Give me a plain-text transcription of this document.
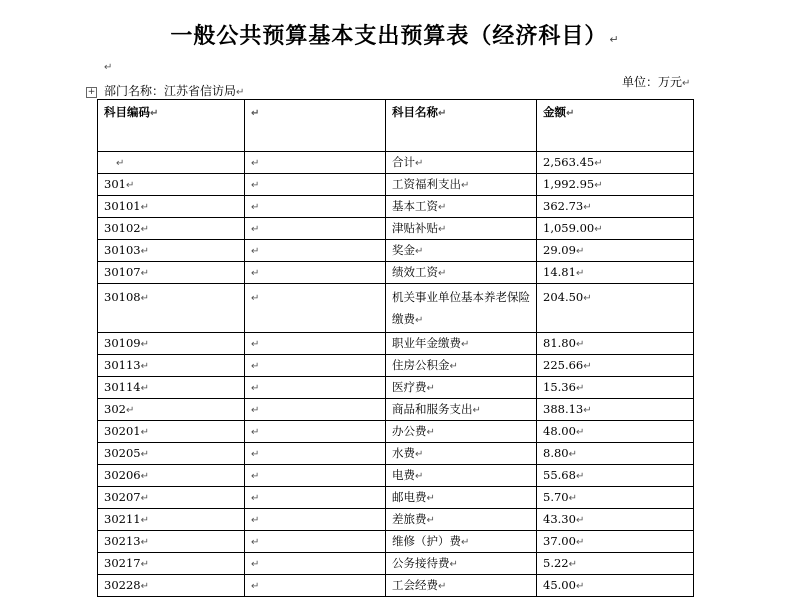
一般公共预算基本支出预算表（经济科目） ↵
↵
单位：万元↵
部门名称：江苏省信访局↵
+
科目编码↵	↵	科目名称↵	金额↵
↵	↵	合计↵	2,563.45↵
301↵	↵	工资福利支出↵	1,992.95↵
30101↵	↵	基本工资↵	362.73↵
30102↵	↵	津贴补贴↵	1,059.00↵
30103↵	↵	奖金↵	29.09↵
30107↵	↵	绩效工资↵	14.81↵
30108↵	↵	机关事业单位基本养老保险缴费↵	204.50↵
30109↵	↵	职业年金缴费↵	81.80↵
30113↵	↵	住房公积金↵	225.66↵
30114↵	↵	医疗费↵	15.36↵
302↵	↵	商品和服务支出↵	388.13↵
30201↵	↵	办公费↵	48.00↵
30205↵	↵	水费↵	8.80↵
30206↵	↵	电费↵	55.68↵
30207↵	↵	邮电费↵	5.70↵
30211↵	↵	差旅费↵	43.30↵
30213↵	↵	维修（护）费↵	37.00↵
30217↵	↵	公务接待费↵	5.22↵
30228↵	↵	工会经费↵	45.00↵
